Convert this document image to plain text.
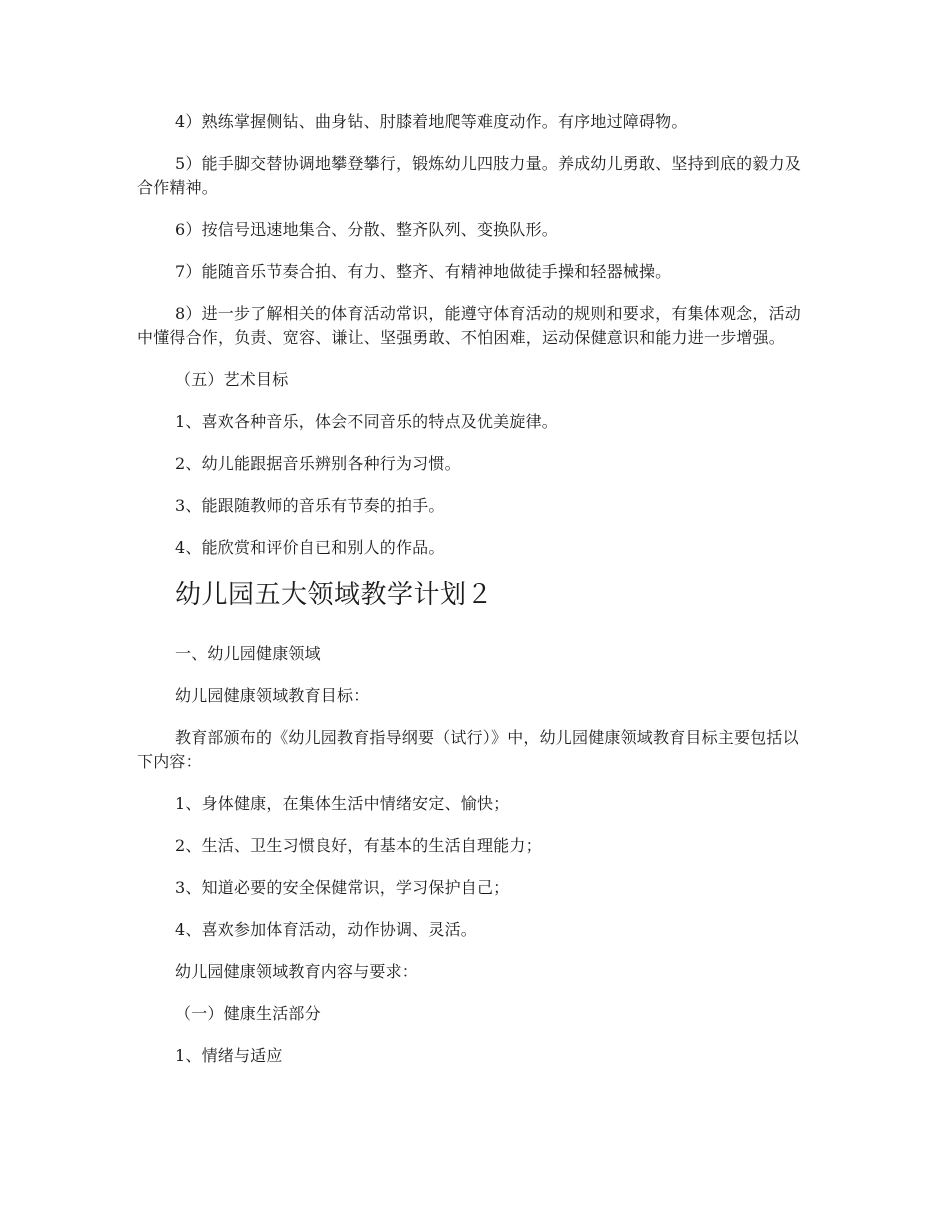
4）熟练掌握侧钻、曲身钻、肘膝着地爬等难度动作。有序地过障碍物。

5）能手脚交替协调地攀登攀行，锻炼幼儿四肢力量。养成幼儿勇敢、坚持到底的毅力及合作精神。

6）按信号迅速地集合、分散、整齐队列、变换队形。

7）能随音乐节奏合拍、有力、整齐、有精神地做徒手操和轻器械操。

8）进一步了解相关的体育活动常识，能遵守体育活动的规则和要求，有集体观念，活动中懂得合作，负责、宽容、谦让、坚强勇敢、不怕困难，运动保健意识和能力进一步增强。

（五）艺术目标

1、喜欢各种音乐，体会不同音乐的特点及优美旋律。

2、幼儿能跟据音乐辨别各种行为习惯。

3、能跟随教师的音乐有节奏的拍手。

4、能欣赏和评价自已和别人的作品。

幼儿园五大领域教学计划２

一、幼儿园健康领域

幼儿园健康领域教育目标：

教育部颁布的《幼儿园教育指导纲要（试行）》中，幼儿园健康领域教育目标主要包括以下内容：

1、身体健康，在集体生活中情绪安定、愉快；

2、生活、卫生习惯良好，有基本的生活自理能力；

3、知道必要的安全保健常识，学习保护自己；

4、喜欢参加体育活动，动作协调、灵活。

幼儿园健康领域教育内容与要求：

（一）健康生活部分

1、情绪与适应
